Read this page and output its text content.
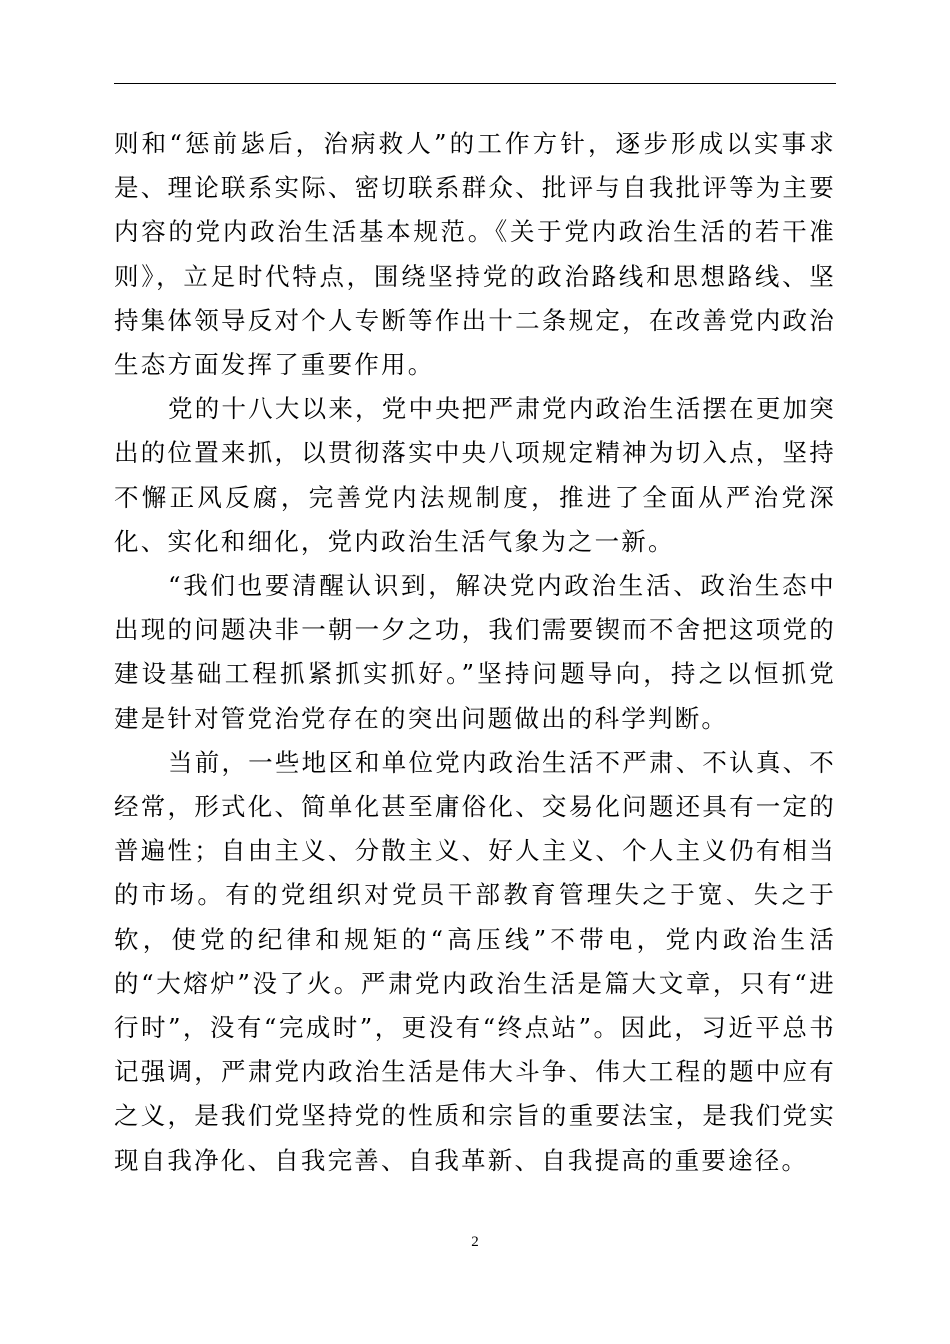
则和“惩前毖后，治病救人”的工作方针，逐步形成以实事求是、理论联系实际、密切联系群众、批评与自我批评等为主要内容的党内政治生活基本规范。《关于党内政治生活的若干准则》，立足时代特点，围绕坚持党的政治路线和思想路线、坚持集体领导反对个人专断等作出十二条规定，在改善党内政治生态方面发挥了重要作用。

党的十八大以来，党中央把严肃党内政治生活摆在更加突出的位置来抓，以贯彻落实中央八项规定精神为切入点，坚持不懈正风反腐，完善党内法规制度，推进了全面从严治党深化、实化和细化，党内政治生活气象为之一新。

“我们也要清醒认识到，解决党内政治生活、政治生态中出现的问题决非一朝一夕之功，我们需要锲而不舍把这项党的建设基础工程抓紧抓实抓好。”坚持问题导向，持之以恒抓党建是针对管党治党存在的突出问题做出的科学判断。

当前，一些地区和单位党内政治生活不严肃、不认真、不经常，形式化、简单化甚至庸俗化、交易化问题还具有一定的普遍性；自由主义、分散主义、好人主义、个人主义仍有相当的市场。有的党组织对党员干部教育管理失之于宽、失之于软，使党的纪律和规矩的“高压线”不带电，党内政治生活的“大熔炉”没了火。严肃党内政治生活是篇大文章，只有“进行时”，没有“完成时”，更没有“终点站”。因此，习近平总书记强调，严肃党内政治生活是伟大斗争、伟大工程的题中应有之义，是我们党坚持党的性质和宗旨的重要法宝，是我们党实现自我净化、自我完善、自我革新、自我提高的重要途径。

2
